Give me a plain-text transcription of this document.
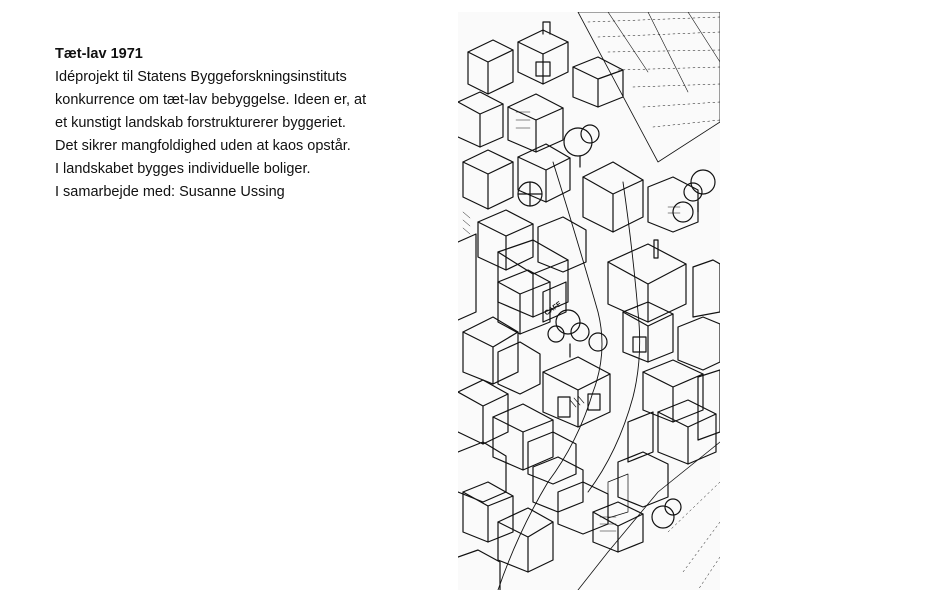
Tæt-lav 1971

Idéprojekt til Statens Byggeforskningsinstituts

konkurrence om tæt-lav bebyggelse. Ideen er, at

et kunstigt landskab forstrukturerer byggeriet.

Det sikrer mangfoldighed uden at kaos opstår.

I landskabet bygges individuelle boliger.

I samarbejde med: Susanne Ussing

CAFE
